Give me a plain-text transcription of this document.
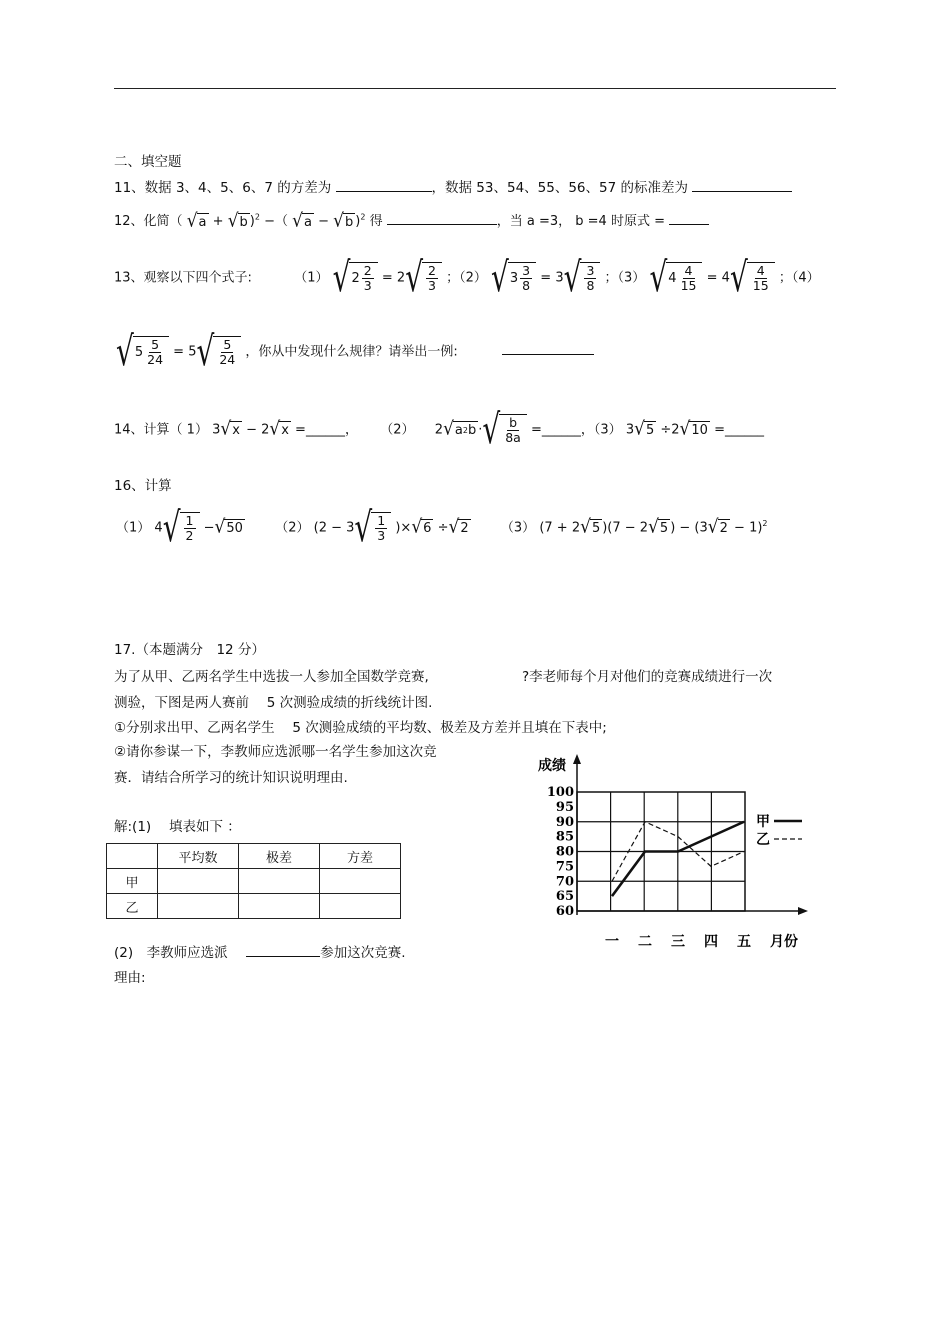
二、填空题
11、数据 3、4、5、6、7 的方差为	，数据 53、54、55、56、57 的标准差为
12、化简（ √ a + √ b )$^2$ −（ √ a − √ b )$^2$ 得	，当 a =3， b =4 时原式 =
13、观察以下四个式子:	（1） √ $2 \frac{2}{3} = 2$ √ $\frac{2}{3}$ ；（2） √ $3 \frac{3}{8} = 3$ √ $\frac{3}{8}$ ；（3） √ $4 \frac{4}{15} = 4$ √ $\frac{4}{15}$ ；（4）
√ $5 \frac{5}{24} = 5$ √ $\frac{5}{24}$ ，你从中发现什么规律？请举出一例:
14、计算（ 1） 3 √ x − 2 √ x =______， （2） 2 √ a 2 b · √ $\frac{b}{8a}$ =______，（3） 3 √ 5 ÷2 √ 10 =______
16、计算
（1） 4 √ $\frac{1}{2}$ − √ 50 （2） (2 − 3 √ $\frac{1}{3}$ )× √ 6 ÷ √ 2 （3） (7 + 2 √ 5 )(7 − 2 √ 5 ) − (3 √ 2 − 1)$^2$
17.（本题满分　12 分）
为了从甲、乙两名学生中选拔一人参加全国数学竞赛,	?李老师每个月对他们的竞赛成绩进行一次
测验，下图是两人赛前　 5 次测验成绩的折线统计图.
①分别求出甲、乙两名学生　 5 次测验成绩的平均数、极差及方差并且填在下表中;
②请你参谋一下，李教师应选派哪一名学生参加这次竞
赛．请结合所学习的统计知识说明理由.
解:(1)　 填表如下 ：
	平均数	极差	方差
甲			
乙			
(2)　李教师应选派	参加这次竞赛.
理由:
60
65
70
75
80
85
90
95
100
成绩
一 二 三 四 五 月份
甲
乙
